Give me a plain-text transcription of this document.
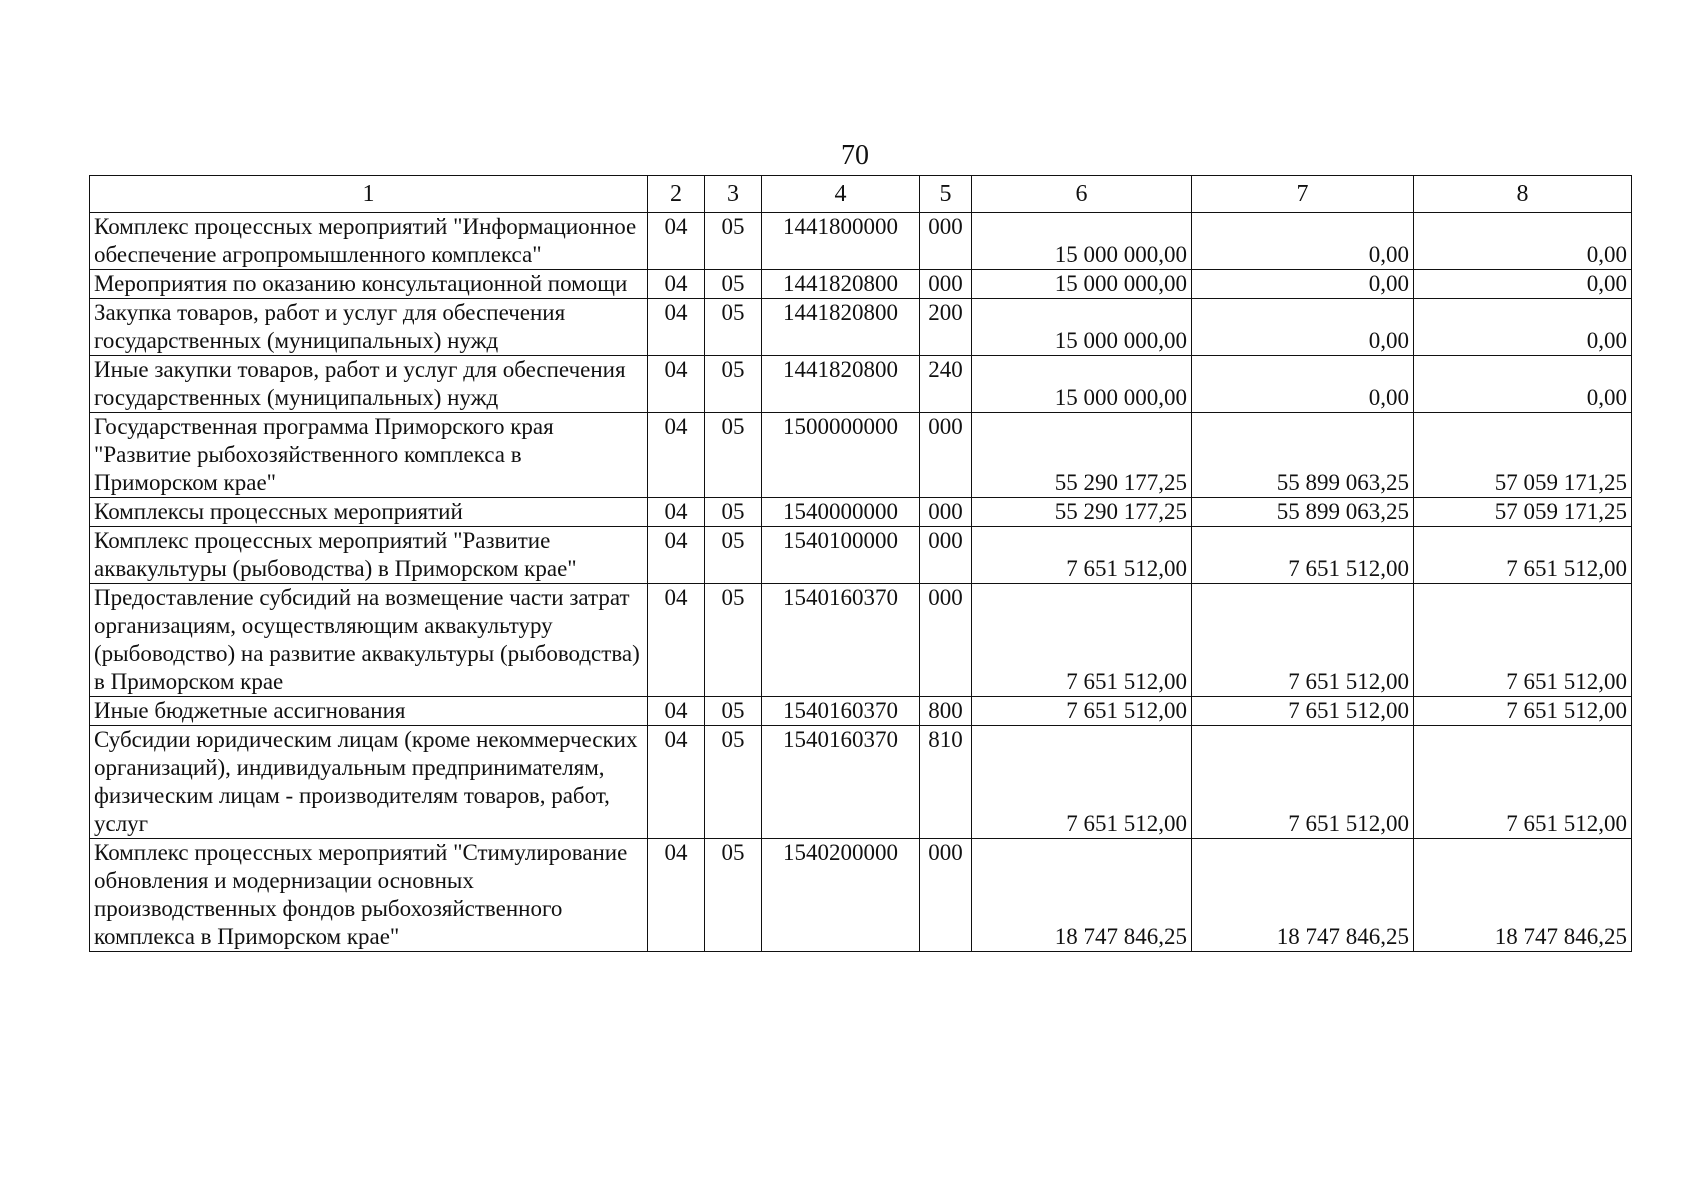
70
1	2	3	4	5	6	7	8
Комплекс процессных мероприятий "Информационное обеспечение агропромышленного комплекса"	04	05	1441800000	000	15 000 000,00	0,00	0,00
Мероприятия по оказанию консультационной помощи	04	05	1441820800	000	15 000 000,00	0,00	0,00
Закупка товаров, работ и услуг для обеспечения государственных (муниципальных) нужд	04	05	1441820800	200	15 000 000,00	0,00	0,00
Иные закупки товаров, работ и услуг для обеспечения государственных (муниципальных) нужд	04	05	1441820800	240	15 000 000,00	0,00	0,00
Государственная программа Приморского края "Развитие рыбохозяйственного комплекса в Приморском крае"	04	05	1500000000	000	55 290 177,25	55 899 063,25	57 059 171,25
Комплексы процессных мероприятий	04	05	1540000000	000	55 290 177,25	55 899 063,25	57 059 171,25
Комплекс процессных мероприятий "Развитие аквакультуры (рыбоводства) в Приморском крае"	04	05	1540100000	000	7 651 512,00	7 651 512,00	7 651 512,00
Предоставление субсидий на возмещение части затрат организациям, осуществляющим аквакультуру (рыбоводство) на развитие аквакультуры (рыбоводства) в Приморском крае	04	05	1540160370	000	7 651 512,00	7 651 512,00	7 651 512,00
Иные бюджетные ассигнования	04	05	1540160370	800	7 651 512,00	7 651 512,00	7 651 512,00
Субсидии юридическим лицам (кроме некоммерческих организаций), индивидуальным предпринимателям, физическим лицам - производителям товаров, работ, услуг	04	05	1540160370	810	7 651 512,00	7 651 512,00	7 651 512,00
Комплекс процессных мероприятий "Стимулирование обновления и модернизации основных производственных фондов рыбохозяйственного комплекса в Приморском крае"	04	05	1540200000	000	18 747 846,25	18 747 846,25	18 747 846,25
